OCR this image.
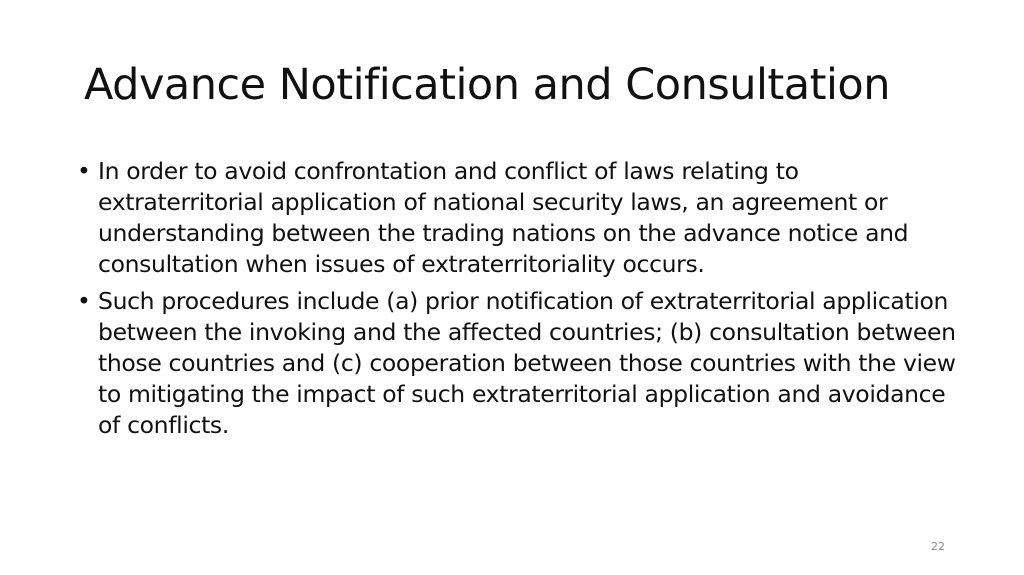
Advance Notification and Consultation
• In order to avoid confrontation and conflict of laws relating to extraterritorial application of national security laws, an agreement or understanding between the trading nations on the advance notice and consultation when issues of extraterritoriality occurs.
• Such procedures include (a) prior notification of extraterritorial application between the invoking and the affected countries; (b) consultation between those countries and (c) cooperation between those countries with the view to mitigating the impact of such extraterritorial application and avoidance of conflicts.
22
